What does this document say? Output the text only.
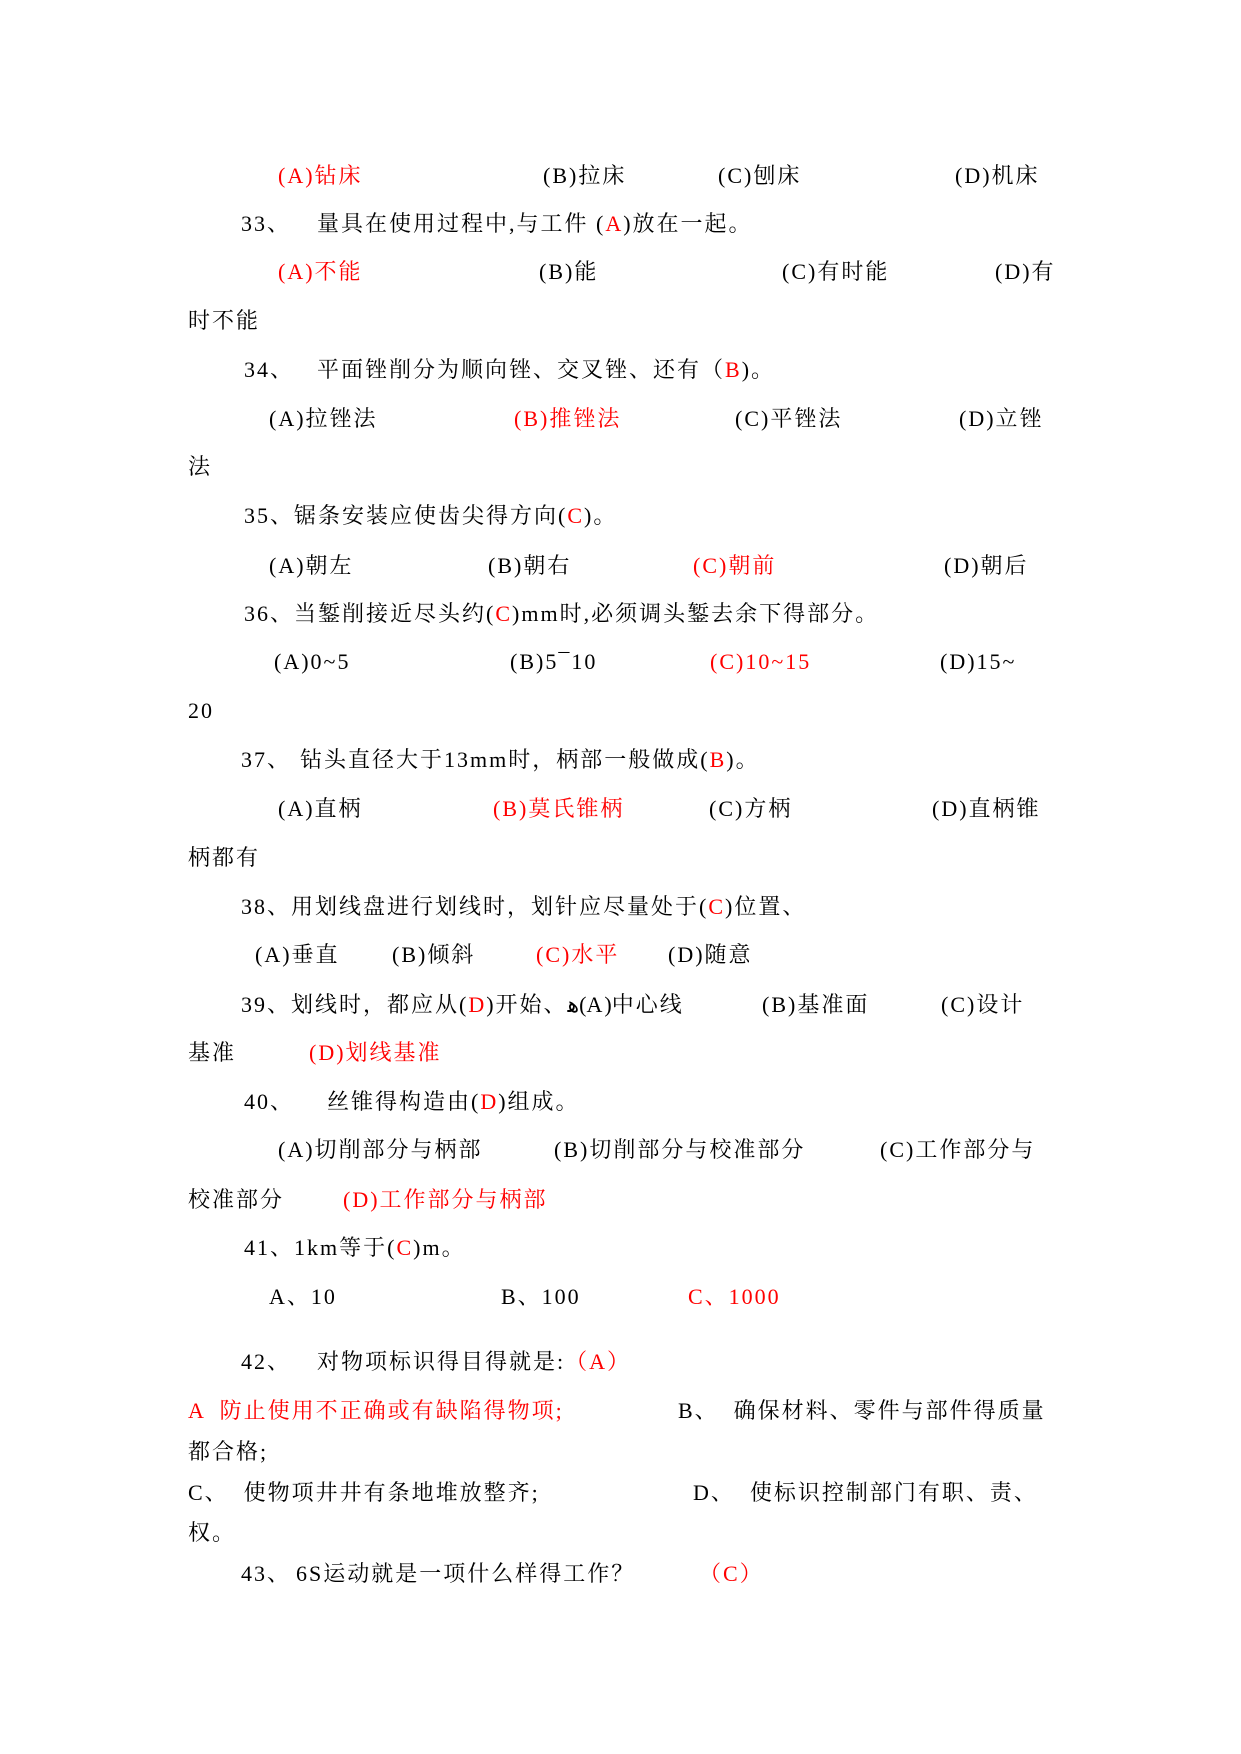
(A)钻床	(B)拉床	(C)刨床	(D)机床
33、 量具在使用过程中,与工件 (A)放在一起。
(A)不能	(B)能	(C)有时能	(D)有
时不能
34、 平面锉削分为顺向锉、交叉锉、还有（B)。
(A)拉锉法	(B)推锉法	(C)平锉法	(D)立锉
法
35、锯条安装应使齿尖得方向(C)。
(A)朝左	(B)朝右	(C)朝前	(D)朝后
36、当錾削接近尽头约(C)mm时,必须调头錾去余下得部分。
(A)0~5	(B)5¯10	(C)10~15	(D)15~
20
37、 钻头直径大于13mm时，柄部一般做成(B)。
(A)直柄	(B)莫氏锥柄	(C)方柄	(D)直柄锥
柄都有
38、用划线盘进行划线时，划针应尽量处于(C)位置、
(A)垂直 (B)倾斜	(C)水平 (D)随意
39、划线时，都应从(D)开始、ﻫ(A)中心线	(B)基准面	(C)设计
基准	(D)划线基准
40、 丝锥得构造由(D)组成。
(A)切削部分与柄部	(B)切削部分与校准部分	(C)工作部分与
校准部分	(D)工作部分与柄部
41、1km等于(C)m。
A、10	B、100	C、1000
42、 对物项标识得目得就是:（A）
A  防止使用不正确或有缺陷得物项;	B、  确保材料、零件与部件得质量
都合格;
C、  使物项井井有条地堆放整齐;	D、  使标识控制部门有职、责、
权。
43、 6S运动就是一项什么样得工作？	（C）
